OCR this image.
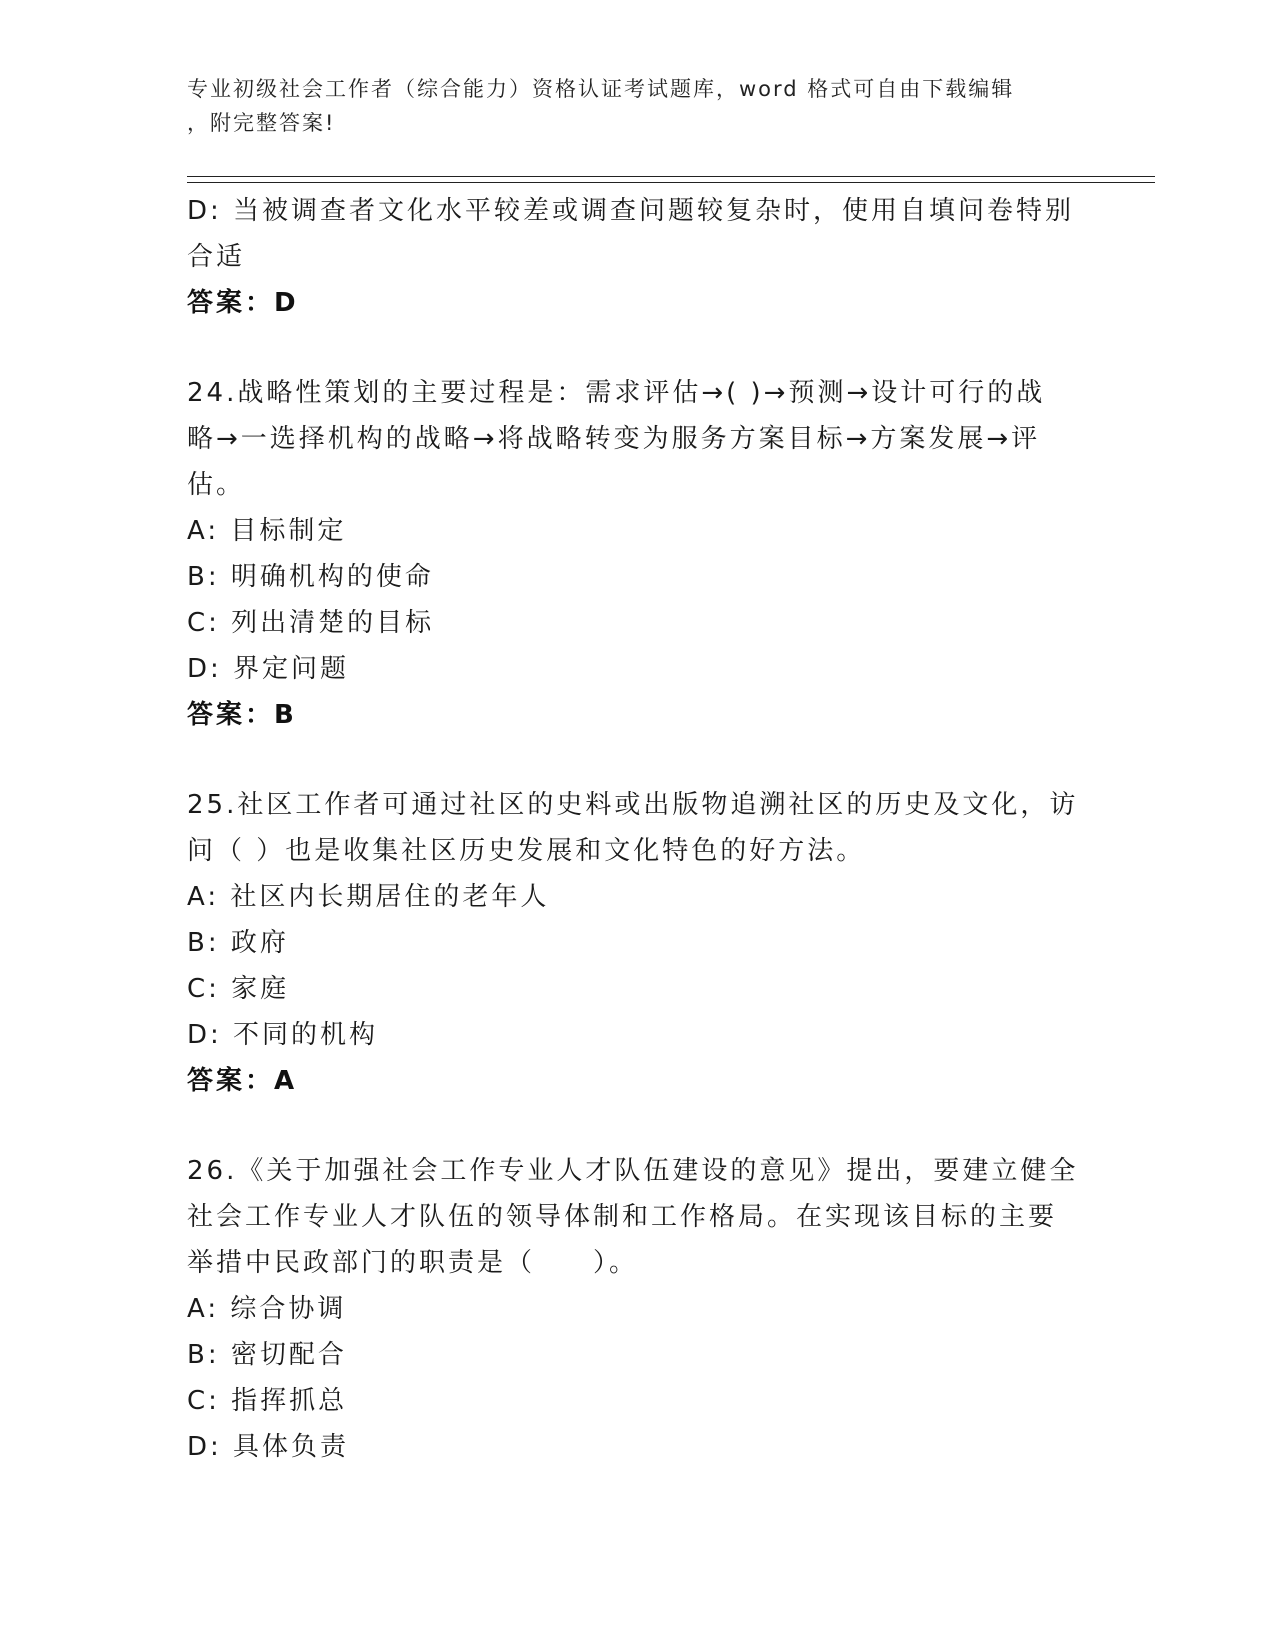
专业初级社会工作者（综合能力）资格认证考试题库，word 格式可自由下载编辑
，附完整答案!
D: 当被调查者文化水平较差或调查问题较复杂时，使用自填问卷特别
合适
答案：D
24.战略性策划的主要过程是：需求评估→( )→预测→设计可行的战
略→一选择机构的战略→将战略转变为服务方案目标→方案发展→评
估。
A: 目标制定
B: 明确机构的使命
C: 列出清楚的目标
D: 界定问题
答案：B
25.社区工作者可通过社区的史料或出版物追溯社区的历史及文化，访
问（ ）也是收集社区历史发展和文化特色的好方法。
A: 社区内长期居住的老年人
B: 政府
C: 家庭
D: 不同的机构
答案：A
26.《关于加强社会工作专业人才队伍建设的意见》提出，要建立健全
社会工作专业人才队伍的领导体制和工作格局。在实现该目标的主要
举措中民政部门的职责是（　　）。
A: 综合协调
B: 密切配合
C: 指挥抓总
D: 具体负责
